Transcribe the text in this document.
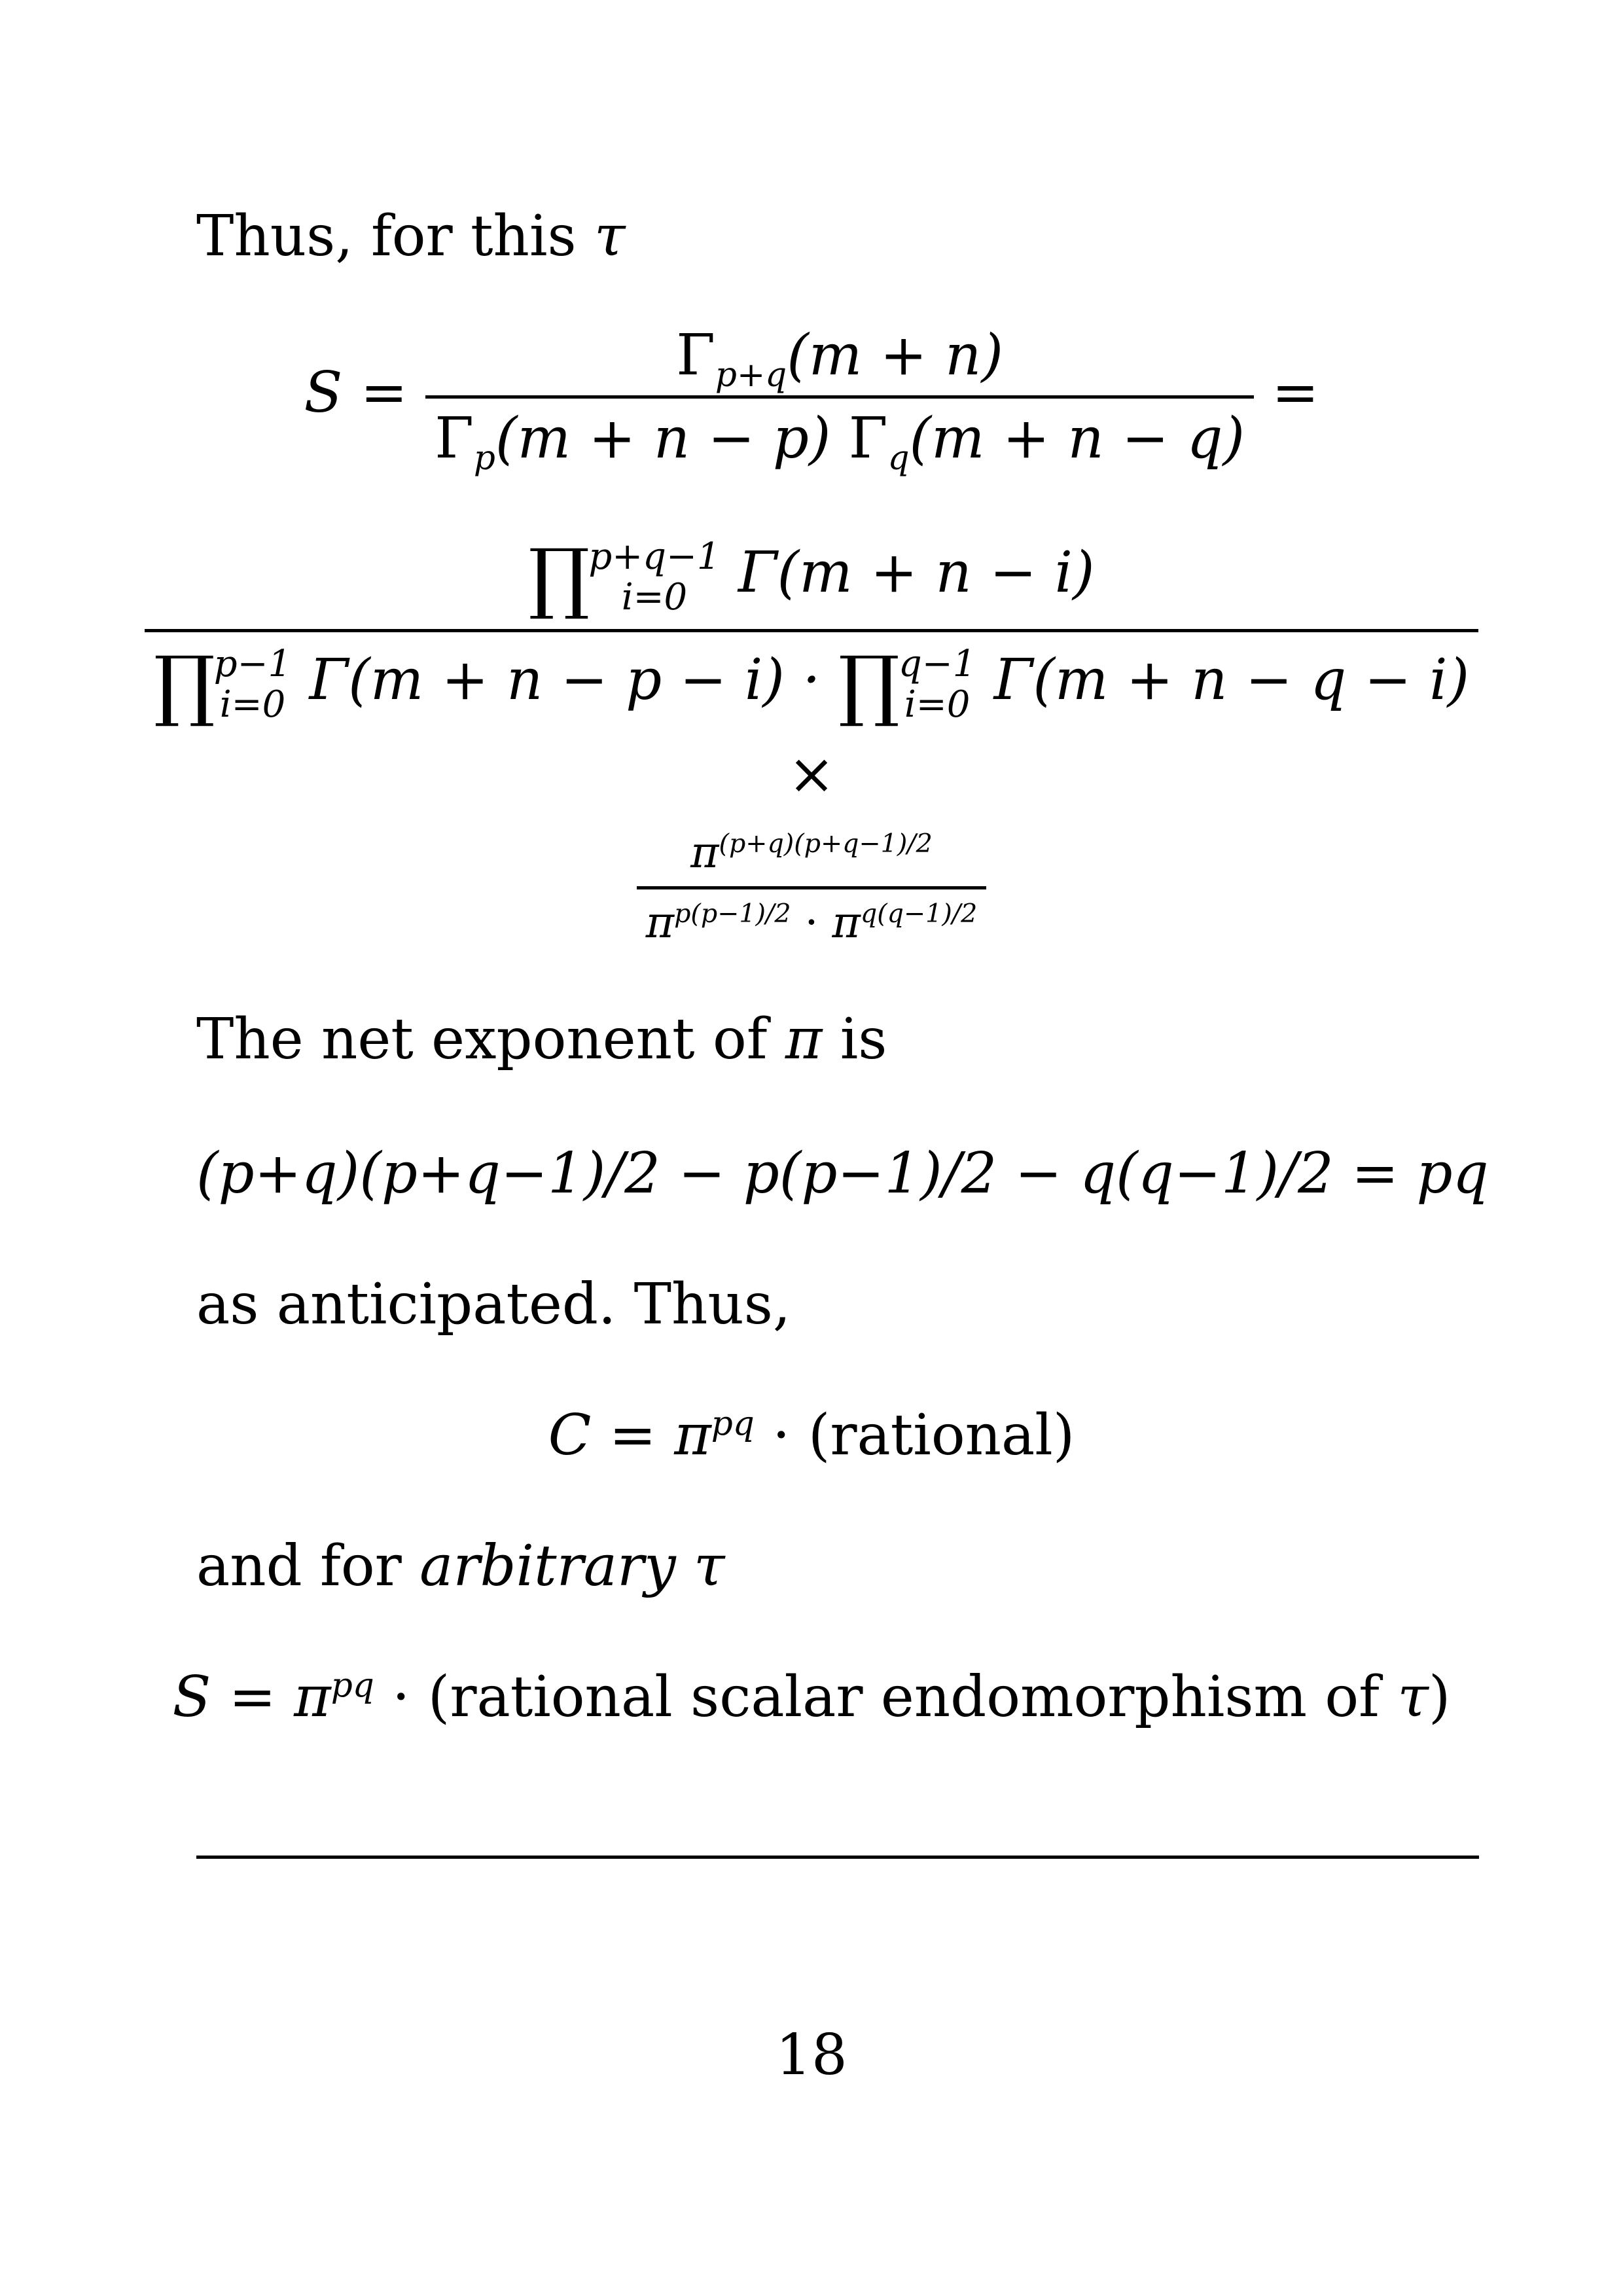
Thus, for this τ
S =
$\Gamma_{p+q}(m + n)$
$\Gamma_p(m + n - p) \Gamma_q(m + n - q)$
=
∏
p+q−1
i=0 Γ(m + n − i)
∏
p−1
i=0 Γ(m + n − p − i) · ∏
q−1
i=0 Γ(m + n − q − i)
×
$\pi^{(p+q)(p+q-1)/2}$
$\pi^{p(p-1)/2} \cdot \pi^{q(q-1)/2}$
The net exponent of π is
(p+q)(p+q−1)/2 − p(p−1)/2 − q(q−1)/2 = pq
as anticipated. Thus,
$C = \pi^{pq}$ · (rational)
and for arbitrary τ
$S = \pi^{pq}$ · (rational scalar endomorphism of τ)
18
